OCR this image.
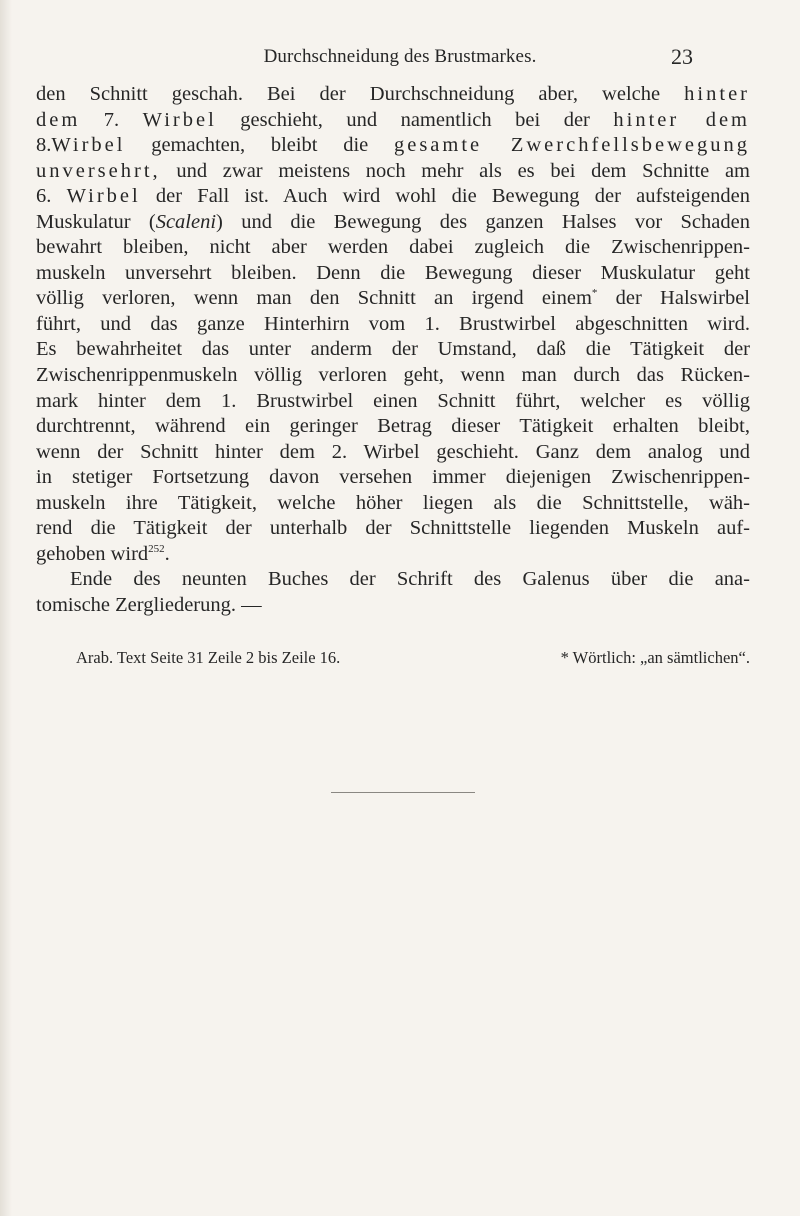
Durchschneidung des Brustmarkes.	23
den Schnitt geschah. Bei der Durchschneidung aber, welche hinter
dem 7. Wirbel geschieht, und namentlich bei der hinter dem
8.Wirbel gemachten, bleibt die gesamte Zwerchfellsbewegung
unversehrt, und zwar meistens noch mehr als es bei dem Schnitte am
6. Wirbel der Fall ist. Auch wird wohl die Bewegung der aufsteigenden
Muskulatur (Scaleni) und die Bewegung des ganzen Halses vor Schaden
bewahrt bleiben, nicht aber werden dabei zugleich die Zwischenrippen-
muskeln unversehrt bleiben. Denn die Bewegung dieser Muskulatur geht
völlig verloren, wenn man den Schnitt an irgend einem* der Halswirbel
führt, und das ganze Hinterhirn vom 1. Brustwirbel abgeschnitten wird.
Es bewahrheitet das unter anderm der Umstand, daß die Tätigkeit der
Zwischenrippenmuskeln völlig verloren geht, wenn man durch das Rücken-
mark hinter dem 1. Brustwirbel einen Schnitt führt, welcher es völlig
durchtrennt, während ein geringer Betrag dieser Tätigkeit erhalten bleibt,
wenn der Schnitt hinter dem 2. Wirbel geschieht. Ganz dem analog und
in stetiger Fortsetzung davon versehen immer diejenigen Zwischenrippen-
muskeln ihre Tätigkeit, welche höher liegen als die Schnittstelle, wäh-
rend die Tätigkeit der unterhalb der Schnittstelle liegenden Muskeln auf-
gehoben wird$^{252}$.
Ende des neunten Buches der Schrift des Galenus über die ana-
tomische Zergliederung. —
Arab. Text Seite 31 Zeile 2 bis Zeile 16.	* Wörtlich: „an sämtlichen“.
